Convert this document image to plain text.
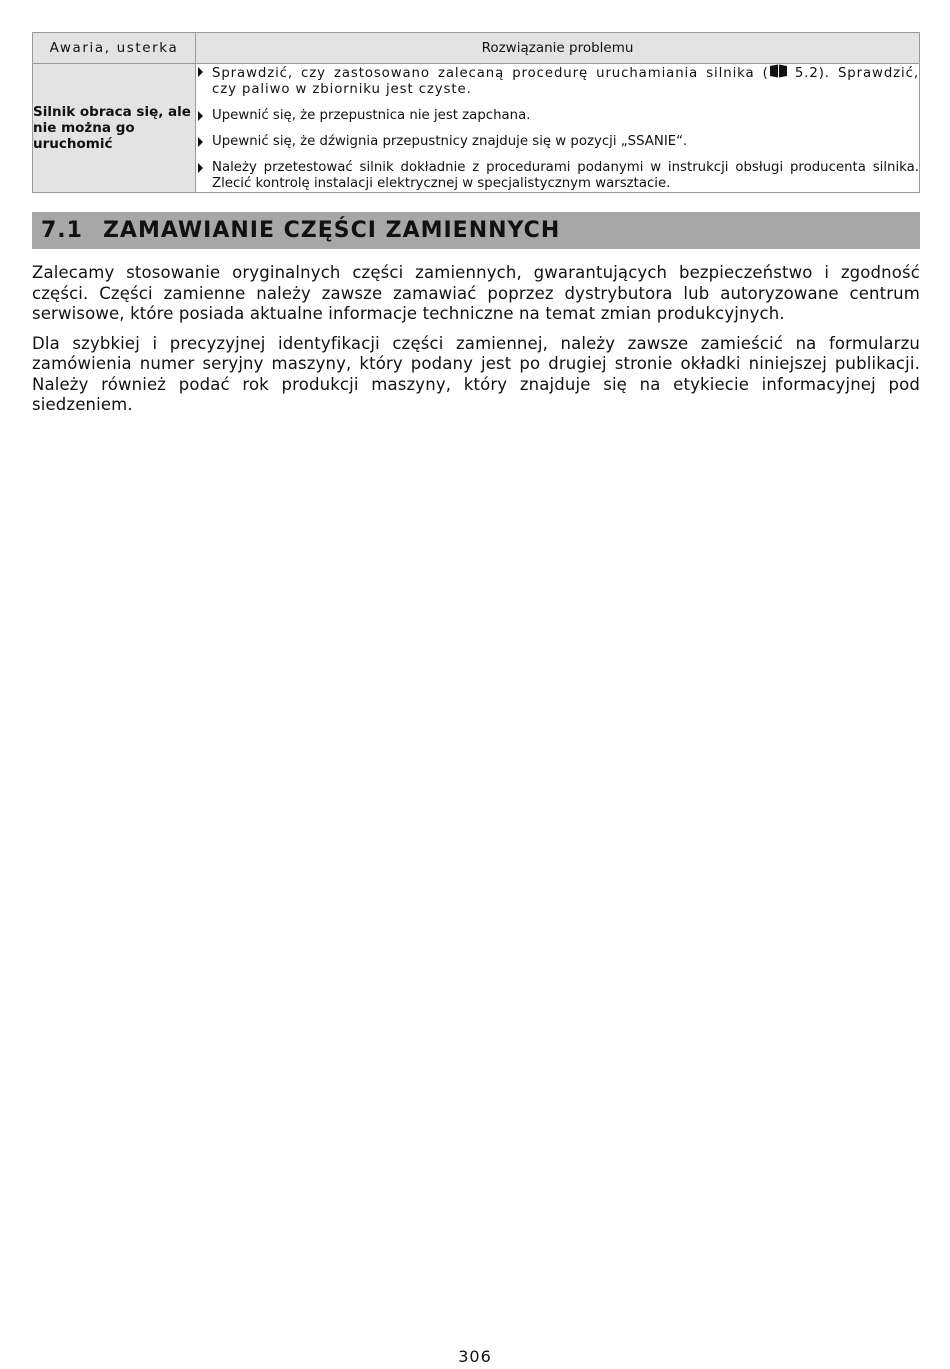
Awaria, usterka	Rozwiązanie problemu
Silnik obraca się, ale nie można go uruchomić	Sprawdzić, czy zastosowano zalecaną procedurę uruchamiania silnika ( 5.2). Sprawdzić, czy paliwo w zbiorniku jest czyste.
Upewnić się, że przepustnica nie jest zapchana.
Upewnić się, że dźwignia przepustnicy znajduje się w pozycji „SSANIE“.
Należy przetestować silnik dokładnie z procedurami podanymi w instrukcji obsługi producenta silnika. Zlecić kontrolę instalacji elektrycznej w specjalistycznym warsztacie.
7.1 ZAMAWIANIE CZĘŚCI ZAMIENNYCH

Zalecamy stosowanie oryginalnych części zamiennych, gwarantujących bezpieczeństwo i zgodność części. Części zamienne należy zawsze zamawiać poprzez dystrybutora lub autoryzowane centrum serwisowe, które posiada aktualne informacje techniczne na temat zmian produkcyjnych.

Dla szybkiej i precyzyjnej identyfikacji części zamiennej, należy zawsze zamieścić na formularzu zamówienia numer seryjny maszyny, który podany jest po drugiej stronie okładki niniejszej publikacji. Należy również podać rok produkcji maszyny, który znajduje się na etykiecie informacyjnej pod siedzeniem.

306
